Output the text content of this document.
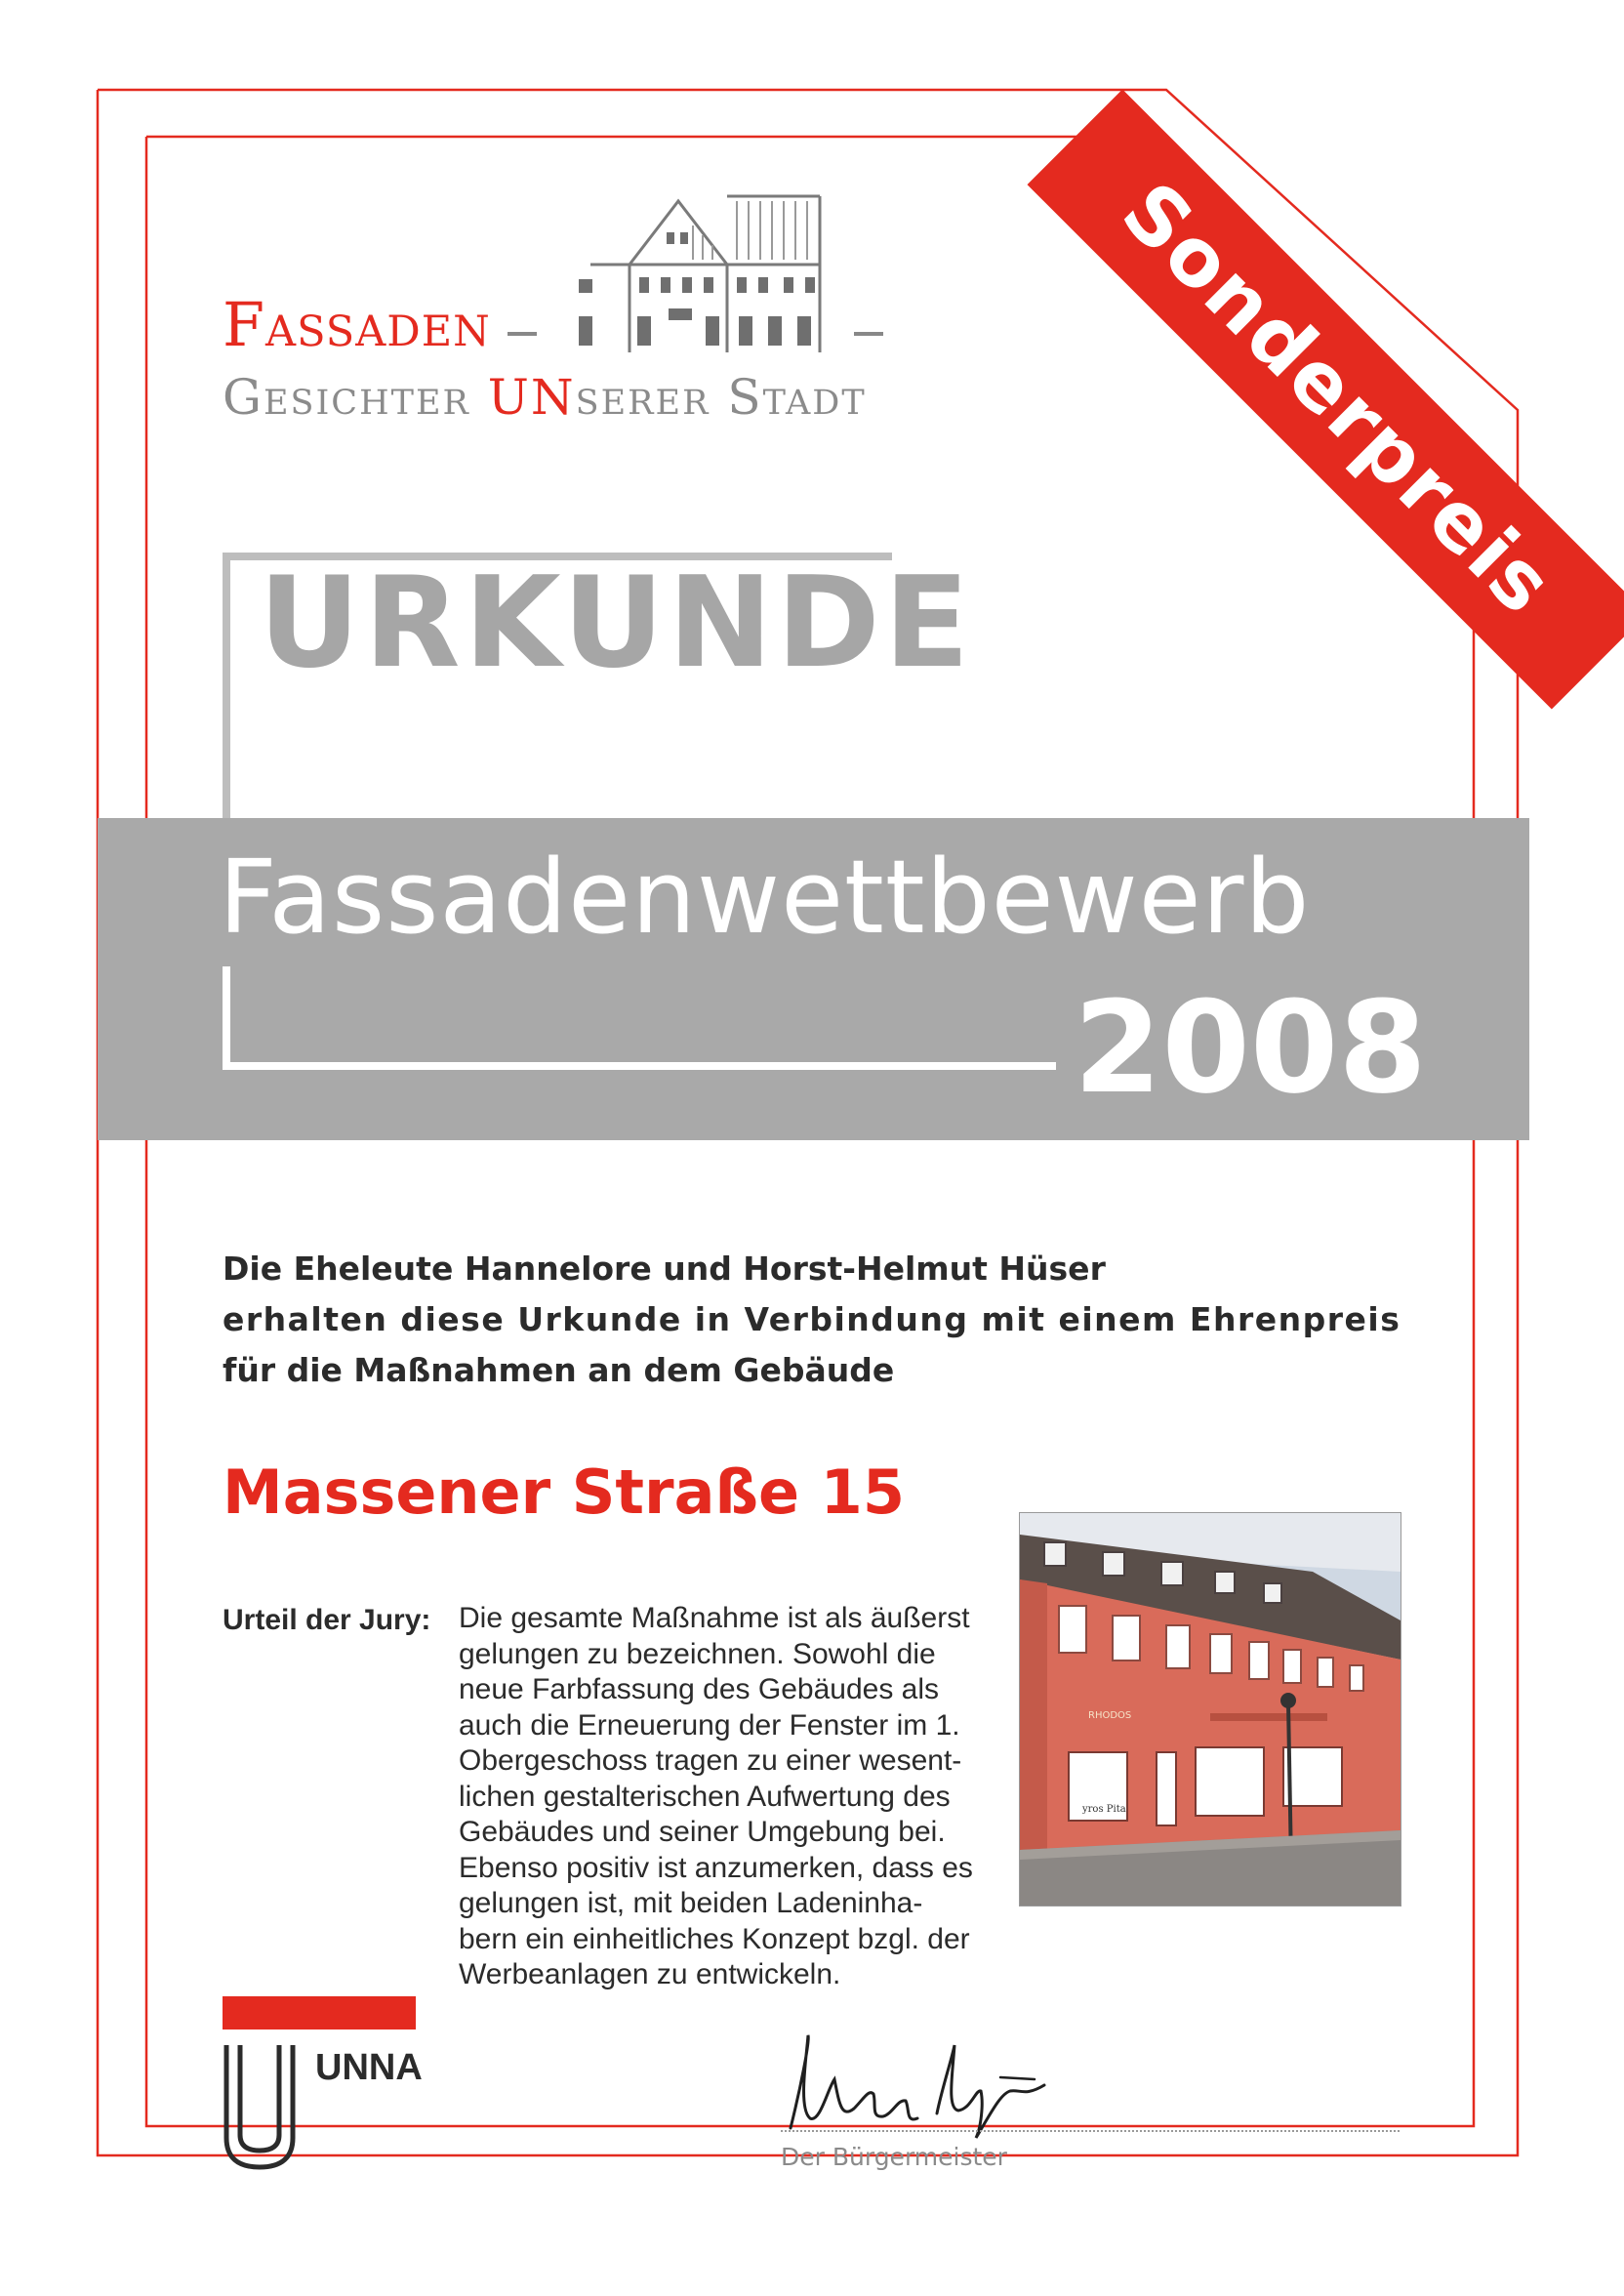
Sonderpreis
Fassaden
Gesichter UNserer Stadt
URKUNDE
Fassadenwettbewerb
2008
Die Eheleute Hannelore und Horst-Helmut Hüser
erhalten diese Urkunde in Verbindung mit einem Ehrenpreis
für die Maßnahmen an dem Gebäude
Massener Straße 15
Urteil der Jury: Die gesamte Maßnahme ist als äußerst
gelungen zu bezeichnen. Sowohl die
neue Farbfassung des Gebäudes als
auch die Erneuerung der Fenster im 1.
Obergeschoss tragen zu einer wesent-
lichen gestalterischen Aufwertung des
Gebäudes und seiner Umgebung bei.
Ebenso positiv ist anzumerken, dass es
gelungen ist, mit beiden Ladeninha-
bern ein einheitliches Konzept bzgl. der
Werbeanlagen zu entwickeln.
RHODOS
yros Pita
UNNA
Der Bürgermeister
